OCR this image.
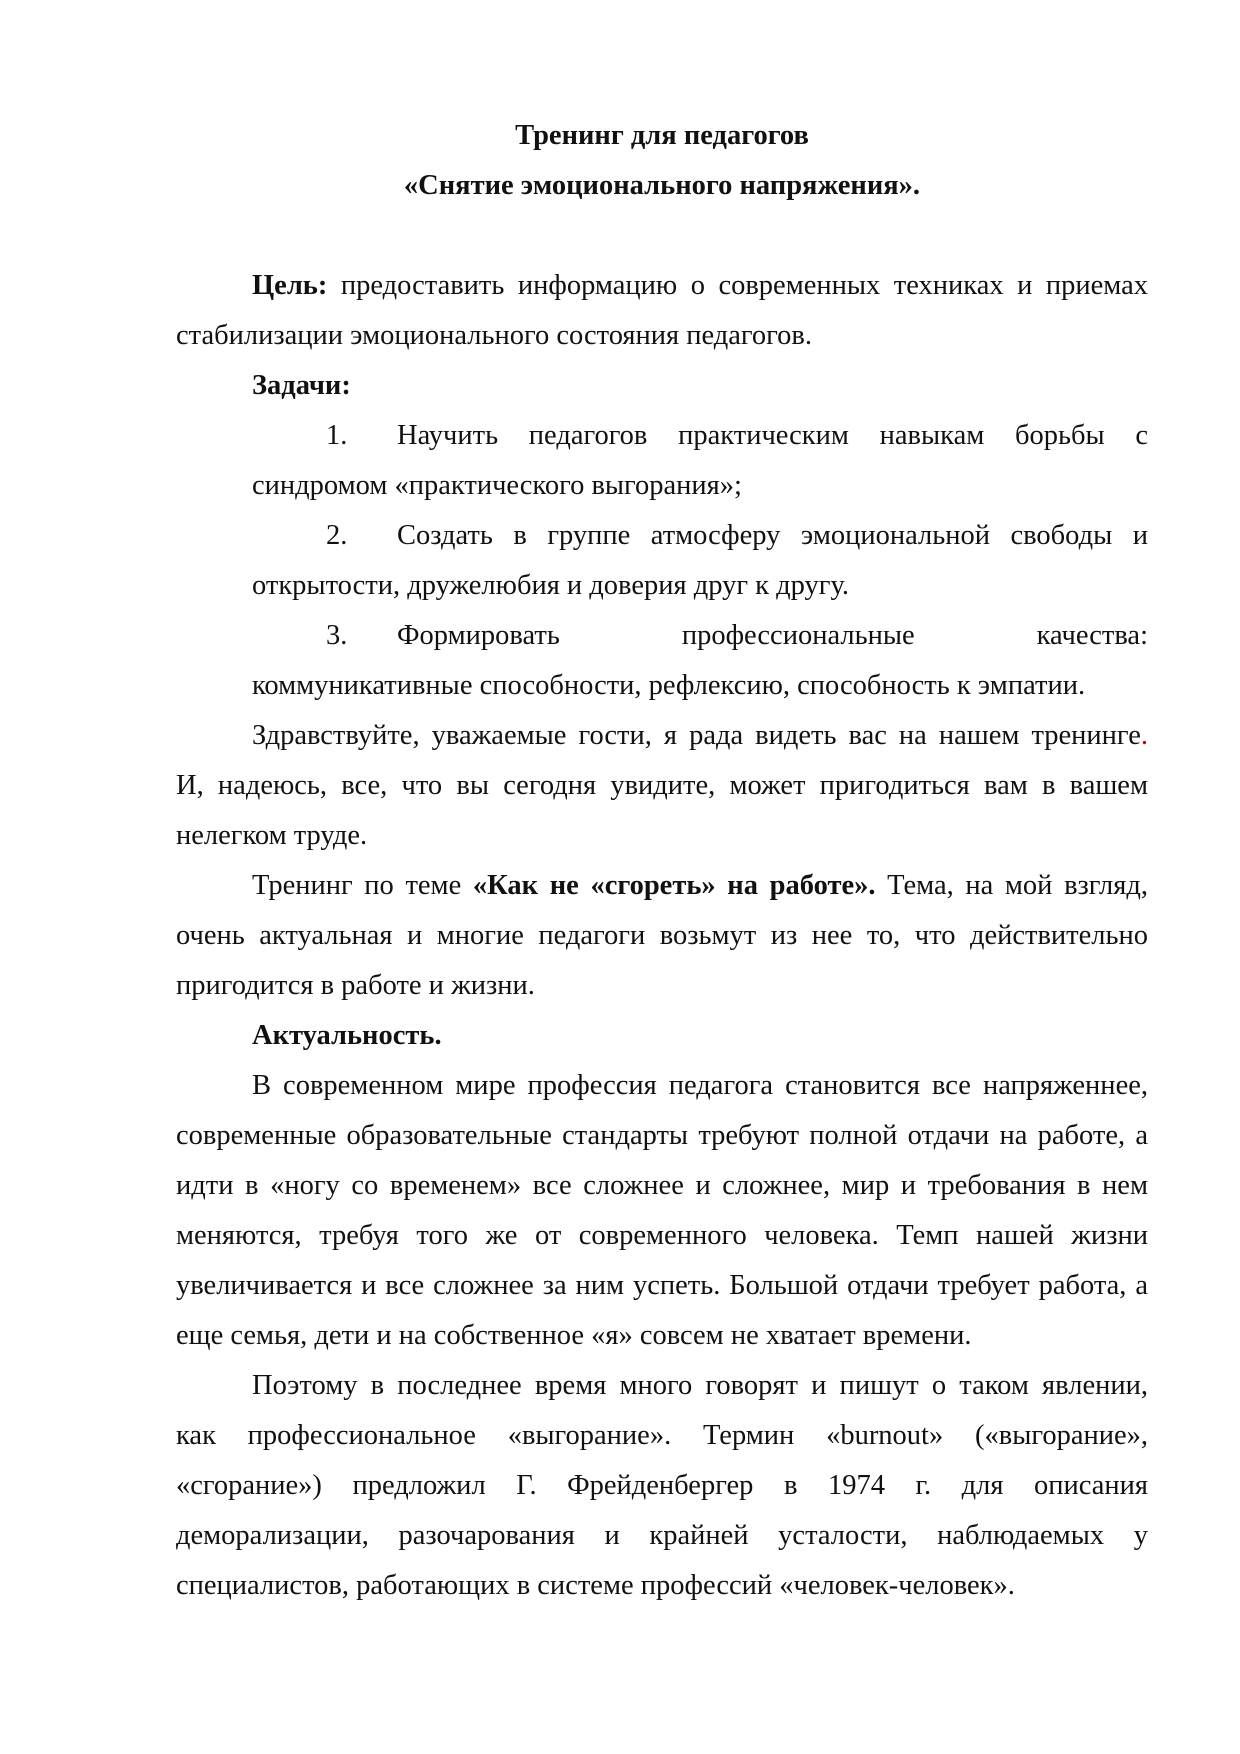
Тренинг для педагогов
«Снятие эмоционального напряжения».
Цель: предоставить информацию о современных техниках и приемах
стабилизации эмоционального состояния педагогов.
Задачи:
1.	Научить педагогов практическим навыкам борьбы с
синдромом «практического выгорания»;
2.	Создать в группе атмосферу эмоциональной свободы и
открытости, дружелюбия и доверия друг к другу.
3.	Формировать профессиональные качества:
коммуникативные способности, рефлексию, способность к эмпатии.
Здравствуйте, уважаемые гости, я рада видеть вас на нашем тренинге.
И, надеюсь, все, что вы сегодня увидите, может пригодиться вам в вашем
нелегком труде.
Тренинг по теме «Как не «сгореть» на работе». Тема, на мой взгляд,
очень актуальная и многие педагоги возьмут из нее то, что действительно
пригодится в работе и жизни.
Актуальность.
В современном мире профессия педагога становится все напряженнее,
современные образовательные стандарты требуют полной отдачи на работе, а
идти в «ногу со временем» все сложнее и сложнее, мир и требования в нем
меняются, требуя того же от современного человека. Темп нашей жизни
увеличивается и все сложнее за ним успеть. Большой отдачи требует работа, а
еще семья, дети и на собственное «я» совсем не хватает времени.
Поэтому в последнее время много говорят и пишут о таком явлении,
как профессиональное «выгорание». Термин «burnout» («выгорание»,
«сгорание») предложил Г. Фрейденбергер в 1974 г. для описания
деморализации, разочарования и крайней усталости, наблюдаемых у
специалистов, работающих в системе профессий «человек-человек».
